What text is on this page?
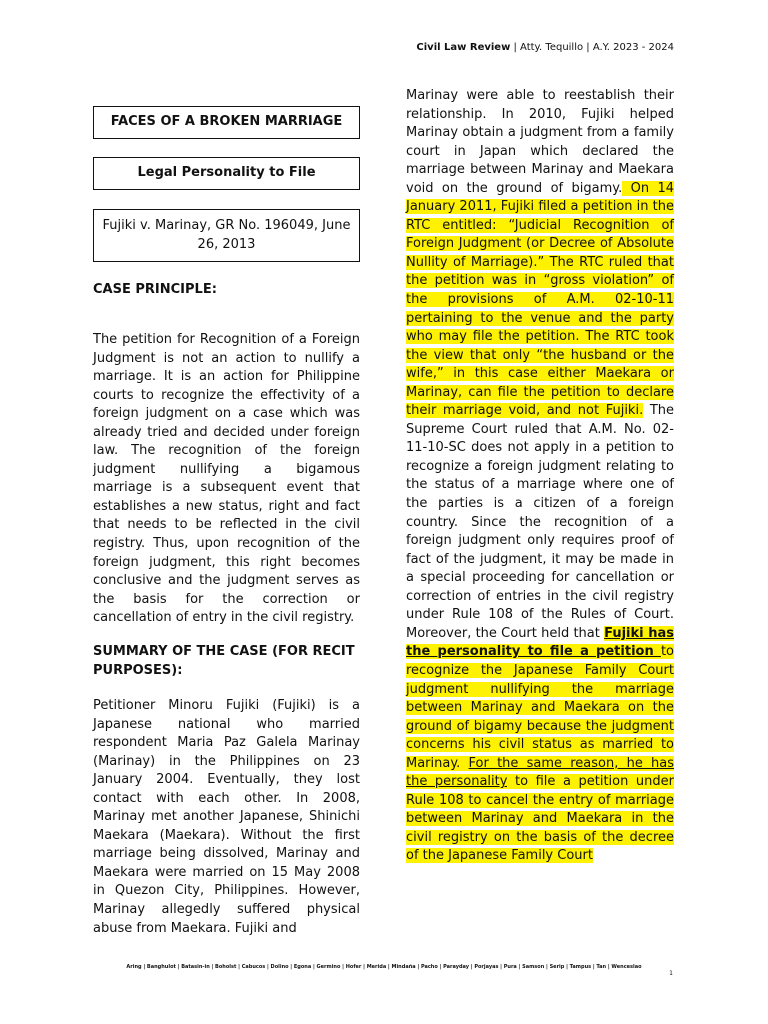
Civil Law Review | Atty. Tequillo | A.Y. 2023 - 2024
FACES OF A BROKEN MARRIAGE
Legal Personality to File
Fujiki v. Marinay, GR No. 196049, June 26, 2013
CASE PRINCIPLE:
The petition for Recognition of a Foreign Judgment is not an action to nullify a marriage. It is an action for Philippine courts to recognize the effectivity of a foreign judgment on a case which was already tried and decided under foreign law. The recognition of the foreign judgment nullifying a bigamous marriage is a subsequent event that establishes a new status, right and fact that needs to be reflected in the civil registry. Thus, upon recognition of the foreign judgment, this right becomes conclusive and the judgment serves as the basis for the correction or cancellation of entry in the civil registry.
SUMMARY OF THE CASE (FOR RECIT PURPOSES):
Petitioner Minoru Fujiki (Fujiki) is a Japanese national who married respondent Maria Paz Galela Marinay (Marinay) in the Philippines on 23 January 2004. Eventually, they lost contact with each other. In 2008, Marinay met another Japanese, Shinichi Maekara (Maekara). Without the first marriage being dissolved, Marinay and Maekara were married on 15 May 2008 in Quezon City, Philippines. However, Marinay allegedly suffered physical abuse from Maekara. Fujiki and
Marinay were able to reestablish their relationship. In 2010, Fujiki helped Marinay obtain a judgment from a family court in Japan which declared the marriage between Marinay and Maekara void on the ground of bigamy. On 14 January 2011, Fujiki filed a petition in the RTC entitled: “Judicial Recognition of Foreign Judgment (or Decree of Absolute Nullity of Marriage).” The RTC ruled that the petition was in “gross violation” of the provisions of A.M. 02-10-11 pertaining to the venue and the party who may file the petition. The RTC took the view that only “the husband or the wife,” in this case either Maekara or Marinay, can file the petition to declare their marriage void, and not Fujiki. The Supreme Court ruled that A.M. No. 02-11-10-SC does not apply in a petition to recognize a foreign judgment relating to the status of a marriage where one of the parties is a citizen of a foreign country. Since the recognition of a foreign judgment only requires proof of fact of the judgment, it may be made in a special proceeding for cancellation or correction of entries in the civil registry under Rule 108 of the Rules of Court. Moreover, the Court held that Fujiki has the personality to file a petition to recognize the Japanese Family Court judgment nullifying the marriage between Marinay and Maekara on the ground of bigamy because the judgment concerns his civil status as married to Marinay. For the same reason, he has the personality to file a petition under Rule 108 to cancel the entry of marriage between Marinay and Maekara in the civil registry on the basis of the decree of the Japanese Family Court
Aring | Banghulot | Batasin-in | Boholst | Cabucos | Dolino | Egona | Germino | Hofer | Merida | Mindaña | Pacho | Parayday | Porjayas | Pura | Samson | Serip | Tampus | Tan | Wenceslao
1
